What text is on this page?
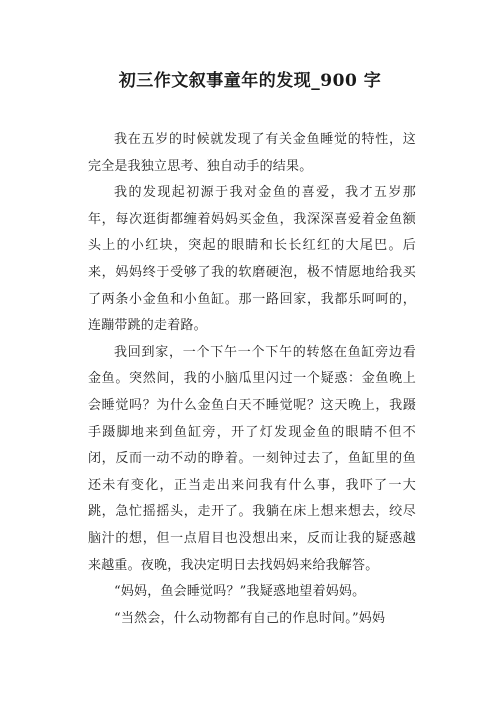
初三作文叙事童年的发现_900 字

我在五岁的时候就发现了有关金鱼睡觉的特性，这完全是我独立思考、独自动手的结果。

我的发现起初源于我对金鱼的喜爱，我才五岁那年，每次逛街都缠着妈妈买金鱼，我深深喜爱着金鱼额头上的小红块，突起的眼睛和长长红红的大尾巴。后来，妈妈终于受够了我的软磨硬泡，极不情愿地给我买了两条小金鱼和小鱼缸。那一路回家，我都乐呵呵的，连蹦带跳的走着路。

我回到家，一个下午一个下午的转悠在鱼缸旁边看金鱼。突然间，我的小脑瓜里闪过一个疑惑：金鱼晚上会睡觉吗？为什么金鱼白天不睡觉呢？这天晚上，我蹑手蹑脚地来到鱼缸旁，开了灯发现金鱼的眼睛不但不闭，反而一动不动的睁着。一刻钟过去了，鱼缸里的鱼还未有变化，正当走出来问我有什么事，我吓了一大跳，急忙摇摇头，走开了。我躺在床上想来想去，绞尽脑汁的想，但一点眉目也没想出来，反而让我的疑惑越来越重。夜晚，我决定明日去找妈妈来给我解答。

“妈妈，鱼会睡觉吗？”我疑惑地望着妈妈。

“当然会，什么动物都有自己的作息时间。”妈妈
